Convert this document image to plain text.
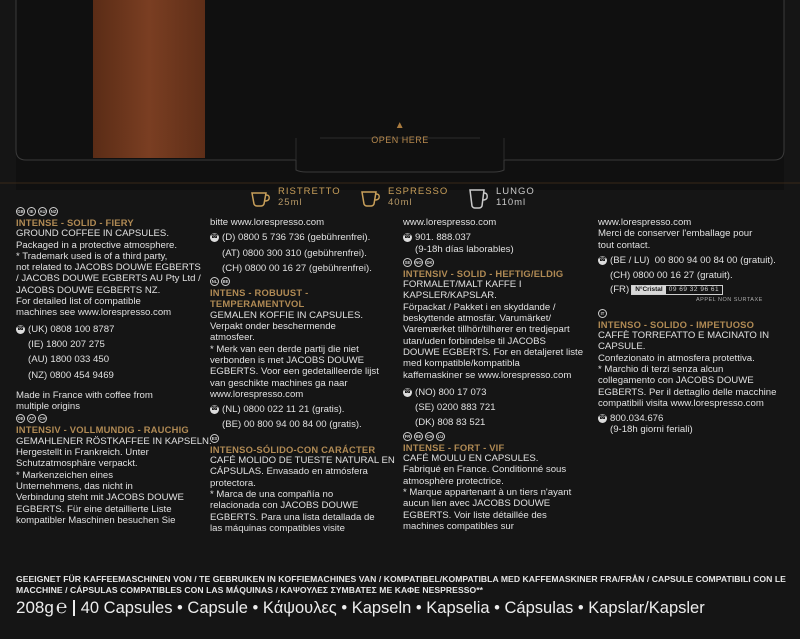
▲
OPEN HERE
RISTRETTO
25ml
ESPRESSO
40ml
LUNGO
110ml
GB	IE	AU	NZ
INTENSE - SOLID - FIERY
GROUND COFFEE IN CAPSULES.
Packaged in a protective atmosphere.
* Trademark used is of a third party,
not related to JACOBS DOUWE EGBERTS
/ JACOBS DOUWE EGBERTS AU Pty Ltd /
JACOBS DOUWE EGBERTS NZ.
For detailed list of compatible
machines see www.lorespresso.com
☎ (UK) 0808 100 8787
(IE) 1800 207 275
(AU) 1800 033 450
(NZ) 0800 454 9469
Made in France with coffee from
multiple origins
DE	AT	CH
INTENSIV - VOLLMUNDIG - RAUCHIG
GEMAHLENER RÖSTKAFFEE IN KAPSELN.
Hergestellt in Frankreich. Unter
Schutzatmosphäre verpackt.
* Markenzeichen eines
Unternehmens, das nicht in
Verbindung steht mit JACOBS DOUWE
EGBERTS. Für eine detaillierte Liste
kompatibler Maschinen besuchen Sie
bitte www.lorespresso.com
☎ (D) 0800 5 736 736 (gebührenfrei).
(AT) 0800 300 310 (gebührenfrei).
(CH) 0800 00 16 27 (gebührenfrei).
NL	BE
INTENS - ROBUUST -
TEMPERAMENTVOL
GEMALEN KOFFIE IN CAPSULES.
Verpakt onder beschermende
atmosfeer.
* Merk van een derde partij die niet
verbonden is met JACOBS DOUWE
EGBERTS. Voor een gedetailleerde lijst
van geschikte machines ga naar
www.lorespresso.com
☎ (NL) 0800 022 11 21 (gratis).
(BE) 00 800 94 00 84 00 (gratis).
ES
INTENSO-SÓLIDO-CON CARÁCTER
CAFÉ MOLIDO DE TUESTE NATURAL EN
CÁPSULAS. Envasado en atmósfera
protectora.
* Marca de una compañía no
relacionada con JACOBS DOUWE
EGBERTS. Para una lista detallada de
las máquinas compatibles visite
www.lorespresso.com
☎ 901. 888.037
(9-18h días laborables)
SE	NO	DK
INTENSIV - SOLID - HEFTIG/ELDIG
FORMALET/MALT KAFFE I
KAPSLER/KAPSLAR.
Förpackat / Pakket i en skyddande /
beskyttende atmosfär. Varumärket/
Varemærket tillhör/tilhører en tredjepart
utan/uden forbindelse til JACOBS
DOUWE EGBERTS. For en detaljeret liste
med kompatible/kompatibla
kaffemaskiner se www.lorespresso.com
☎ (NO) 800 17 073
(SE) 0200 883 721
(DK) 808 83 521
FR	BE	CH	LU
INTENSE - FORT - VIF
CAFÉ MOULU EN CAPSULES.
Fabriqué en France. Conditionné sous
atmosphère protectrice.
* Marque appartenant à un tiers n'ayant
aucun lien avec JACOBS DOUWE
EGBERTS. Voir liste détaillée des
machines compatibles sur
www.lorespresso.com
Merci de conserver l'emballage pour
tout contact.
☎ (BE / LU)  00 800 94 00 84 00 (gratuit).
(CH) 0800 00 16 27 (gratuit).
(FR) N°Cristal 09 69 32 96 61
APPEL NON SURTAXE
IT
INTENSO - SOLIDO - IMPETUOSO
CAFFÈ TORREFATTO E MACINATO IN
CAPSULE.
Confezionato in atmosfera protettiva.
* Marchio di terzi senza alcun
collegamento con JACOBS DOUWE
EGBERTS. Per il dettaglio delle macchine
compatibili visita www.lorespresso.com
☎ 800.034.676
(9-18h giorni feriali)
GEEIGNET FÜR KAFFEEMASCHINEN VON / TE GEBRUIKEN IN KOFFIEMACHINES VAN / KOMPATIBEL/KOMPATIBLA MED KAFFEMASKINER FRA/FRÅN / CAPSULE COMPATIBILI CON LE MACCHINE / CÁPSULAS COMPATIBLES CON LAS MÁQUINAS / ΚΑΨΟΥΛΕΣ ΣΥΜΒΑΤΕΣ ΜΕ ΚΑΦΕ NESPRESSO**
208g ℮ 40 Capsules • Capsule • Κάψουλες • Kapseln • Kapselia • Cápsulas • Kapslar/Kapsler
